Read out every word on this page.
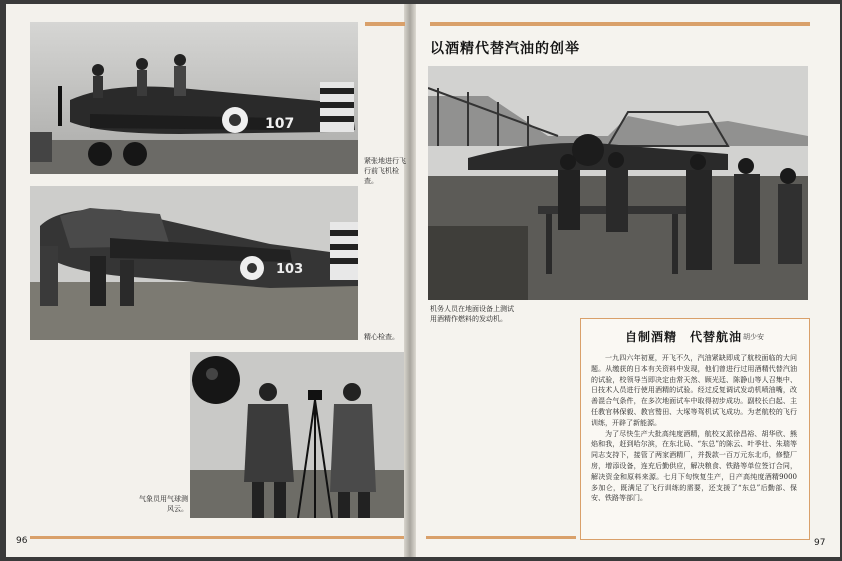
107
紧张地进行飞行前飞机检查。
103
精心检查。
气象员用气球测风云。
96
以酒精代替汽油的创举
机务人员在地面设备上测试用酒精作燃料的发动机。
自制酒精　代替航油 胡少安

一九四六年初夏，开飞不久，汽油紧缺即成了航校面临的大问题。从缴获的日本有关资料中发现，他们曾进行过用酒精代替汽油的试验，校领导当即决定由常天然、顾光廷、陈静山等人召集中、日技术人员进行使用酒精的试验。经过反复调试发动机喷油嘴，改善混合气条件，在多次地面试车中取得初步成功。副校长白起、主任教官林保毅、教官鹫田、大塚等驾机试飞成功。为老航校的飞行训练，开辟了新能源。

为了尽快生产大批高纯度酒精，航校又派徐昌裕、胡华欣、熊焰和我，赶到哈尔滨，在东北局、“东总”的陈云、叶季壮、朱瑞等同志支持下，接管了两家酒精厂，并拨款一百万元东北币，修整厂房，增添设备，连充后勤供应，解决粮食、铁路等单位签订合同，解决资金和原料来源。七月下旬恢复生产，日产高纯度酒精9000多加仑，既满足了飞行训练的需要，还支援了“东总”后勤部、保安、铁路等部门。

97
